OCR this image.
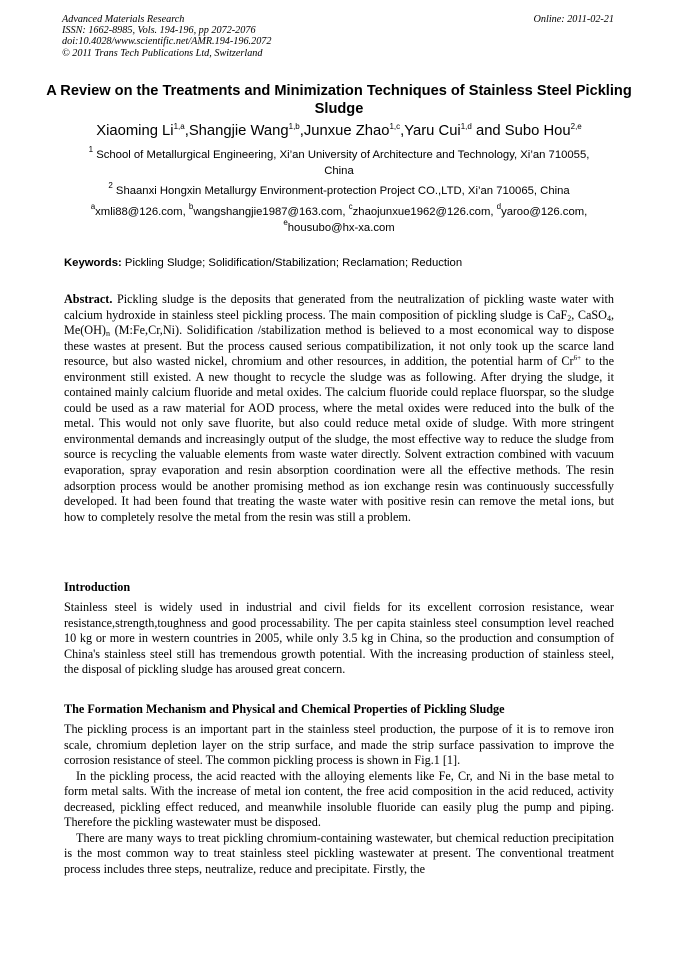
Advanced Materials Research
ISSN: 1662-8985, Vols. 194-196, pp 2072-2076
doi:10.4028/www.scientific.net/AMR.194-196.2072
© 2011 Trans Tech Publications Ltd, Switzerland
Online: 2011-02-21
A Review on the Treatments and Minimization Techniques of Stainless Steel Pickling Sludge
Xiaoming Li$^{1,a}$,Shangjie Wang$^{1,b}$,Junxue Zhao$^{1,c}$,Yaru Cui$^{1,d}$ and Subo Hou$^{2,e}$
$^1$ School of Metallurgical Engineering, Xi’an University of Architecture and Technology, Xi’an 710055, China
$^2$ Shaanxi Hongxin Metallurgy Environment-protection Project CO.,LTD, Xi’an 710065, China
$^a$xmli88@126.com, $^b$wangshangjie1987@163.com, $^c$zhaojunxue1962@126.com, $^d$yaroo@126.com, $^e$housubo@hx-xa.com
Keywords: Pickling Sludge; Solidification/Stabilization; Reclamation; Reduction

Abstract. Pickling sludge is the deposits that generated from the neutralization of pickling waste water with calcium hydroxide in stainless steel pickling process. The main composition of pickling sludge is CaF$_2$, CaSO$_4$, $Me(OH)_n$ (M:Fe,Cr,Ni). Solidification /stabilization method is believed to a most economical way to dispose these wastes at present. But the process caused serious compatibilization, it not only took up the scarce land resource, but also wasted nickel, chromium and other resources, in addition, the potential harm of $Cr^{6+}$ to the environment still existed. A new thought to recycle the sludge was as following. After drying the sludge, it contained mainly calcium fluoride and metal oxides. The calcium fluoride could replace fluorspar, so the sludge could be used as a raw material for AOD process, where the metal oxides were reduced into the bulk of the metal. This would not only save fluorite, but also could reduce metal oxide of sludge. With more stringent environmental demands and increasingly output of the sludge, the most effective way to reduce the sludge from source is recycling the valuable elements from waste water directly. Solvent extraction combined with vacuum evaporation, spray evaporation and resin absorption coordination were all the effective methods. The resin adsorption process would be another promising method as ion exchange resin was continuously successfully developed. It had been found that treating the waste water with positive resin can remove the metal ions, but how to completely resolve the metal from the resin was still a problem.

Introduction

Stainless steel is widely used in industrial and civil fields for its excellent corrosion resistance, wear resistance,strength,toughness and good processability. The per capita stainless steel consumption level reached 10 kg or more in western countries in 2005, while only 3.5 kg in China, so the production and consumption of China's stainless steel still has tremendous growth potential. With the increasing production of stainless steel, the disposal of pickling sludge has aroused great concern.

The Formation Mechanism and Physical and Chemical Properties of Pickling Sludge

The pickling process is an important part in the stainless steel production, the purpose of it is to remove iron scale, chromium depletion layer on the strip surface, and made the strip surface passivation to improve the corrosion resistance of steel. The common pickling process is shown in Fig.1 [1].

In the pickling process, the acid reacted with the alloying elements like Fe, Cr, and Ni in the base metal to form metal salts. With the increase of metal ion content, the free acid composition in the acid reduced, activity decreased, pickling effect reduced, and meanwhile insoluble fluoride can easily plug the pump and piping. Therefore the pickling wastewater must be disposed.

There are many ways to treat pickling chromium-containing wastewater, but chemical reduction precipitation is the most common way to treat stainless steel pickling wastewater at present. The conventional treatment process includes three steps, neutralize, reduce and precipitate. Firstly, the
